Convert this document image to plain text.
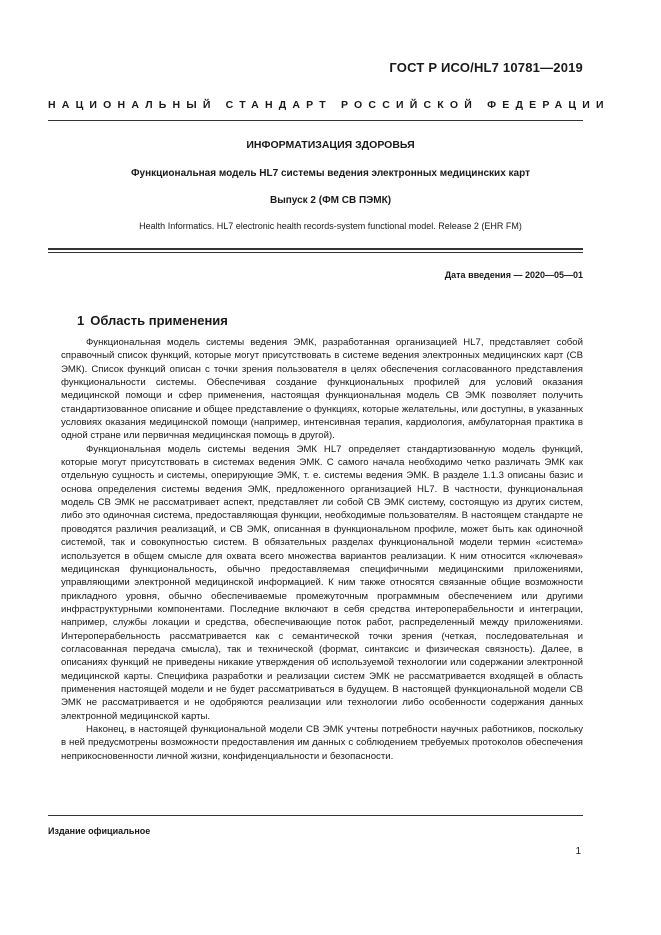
ГОСТ Р ИСО/HL7 10781—2019
НАЦИОНАЛЬНЫЙ СТАНДАРТ РОССИЙСКОЙ ФЕДЕРАЦИИ
ИНФОРМАТИЗАЦИЯ ЗДОРОВЬЯ
Функциональная модель HL7 системы ведения электронных медицинских карт
Выпуск 2 (ФМ СВ ПЭМК)
Health Informatics. HL7 electronic health records-system functional model. Release 2 (EHR FM)
Дата введения — 2020—05—01
1 Область применения

Функциональная модель системы ведения ЭМК, разработанная организацией HL7, представляет собой справочный список функций, которые могут присутствовать в системе ведения электронных медицинских карт (СВ ЭМК). Список функций описан с точки зрения пользователя в целях обеспечения согласованного представления функциональности системы. Обеспечивая создание функциональных профилей для условий оказания медицинской помощи и сфер применения, настоящая функциональная модель СВ ЭМК позволяет получить стандартизованное описание и общее представление о функциях, которые желательны, или доступны, в указанных условиях оказания медицинской помощи (например, интенсивная терапия, кардиология, амбулаторная практика в одной стране или первичная медицинская помощь в другой).

Функциональная модель системы ведения ЭМК HL7 определяет стандартизованную модель функций, которые могут присутствовать в системах ведения ЭМК. С самого начала необходимо четко различать ЭМК как отдельную сущность и системы, оперирующие ЭМК, т. е. системы ведения ЭМК. В разделе 1.1.3 описаны базис и основа определения системы ведения ЭМК, предложенного организацией HL7. В частности, функциональная модель СВ ЭМК не рассматривает аспект, представляет ли собой СВ ЭМК систему, состоящую из других систем, либо это одиночная система, предоставляющая функции, необходимые пользователям. В настоящем стандарте не проводятся различия реализаций, и СВ ЭМК, описанная в функциональном профиле, может быть как одиночной системой, так и совокупностью систем. В обязательных разделах функциональной модели термин «система» используется в общем смысле для охвата всего множества вариантов реализации. К ним относится «ключевая» медицинская функциональность, обычно предоставляемая специфичными медицинскими приложениями, управляющими электронной медицинской информацией. К ним также относятся связанные общие возможности прикладного уровня, обычно обеспечиваемые промежуточным программным обеспечением или другими инфраструктурными компонентами. Последние включают в себя средства интероперабельности и интеграции, например, службы локации и средства, обеспечивающие поток работ, распределенный между приложениями. Интероперабельность рассматривается как с семантической точки зрения (четкая, последовательная и согласованная передача смысла), так и технической (формат, синтаксис и физическая связность). Далее, в описаниях функций не приведены никакие утверждения об используемой технологии или содержании электронной медицинской карты. Специфика разработки и реализации систем ЭМК не рассматривается входящей в область применения настоящей модели и не будет рассматриваться в будущем. В настоящей функциональной модели СВ ЭМК не рассматривается и не одобряются реализации или технологии либо особенности содержания данных электронной медицинской карты.

Наконец, в настоящей функциональной модели СВ ЭМК учтены потребности научных работников, поскольку в ней предусмотрены возможности предоставления им данных с соблюдением требуемых протоколов обеспечения неприкосновенности личной жизни, конфиденциальности и безопасности.

Издание официальное
1
